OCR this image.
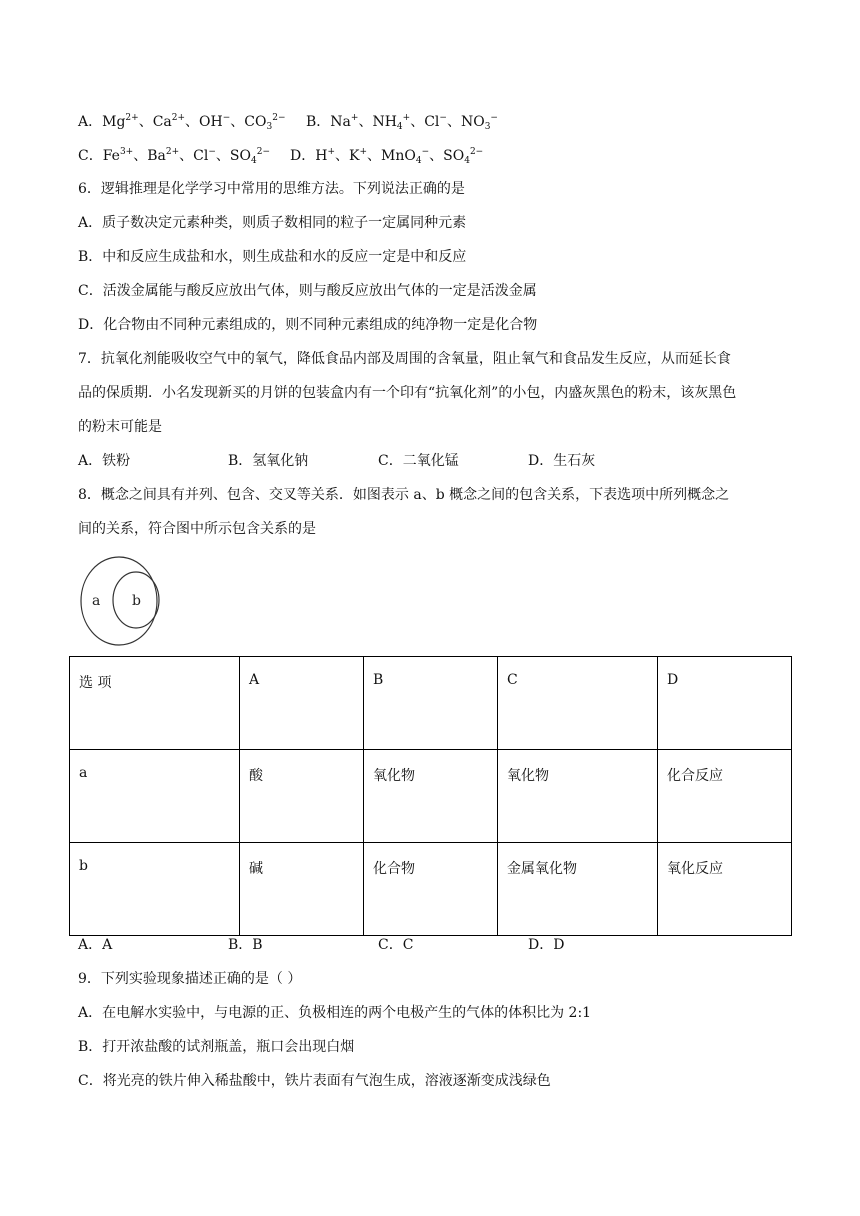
A．$Mg^{2+}$、$Ca^{2+}$、OH−、$CO_3^{2-}$ B．Na+、$NH_4^+$、Cl−、$NO_3^-$
C．$Fe^{3+}$、$Ba^{2+}$、Cl−、$SO_4^{2-}$ D．H+、K+、MnO$_4$−、$SO_4^{2-}$
6．逻辑推理是化学学习中常用的思维方法。下列说法正确的是
A．质子数决定元素种类，则质子数相同的粒子一定属同种元素
B．中和反应生成盐和水，则生成盐和水的反应一定是中和反应
C．活泼金属能与酸反应放出气体，则与酸反应放出气体的一定是活泼金属
D．化合物由不同种元素组成的，则不同种元素组成的纯净物一定是化合物
7．抗氧化剂能吸收空气中的氧气，降低食品内部及周围的含氧量，阻止氧气和食品发生反应，从而延长食
品的保质期．小名发现新买的月饼的包装盒内有一个印有“抗氧化剂”的小包，内盛灰黑色的粉末，该灰黑色
的粉末可能是
A．铁粉	B．氢氧化钠	C．二氧化锰	D．生石灰
8．概念之间具有并列、包含、交叉等关系．如图表示 a、b 概念之间的包含关系，下表选项中所列概念之
间的关系，符合图中所示包含关系的是
a b
选 项	A	B	C	D
a	酸	氧化物	氧化物	化合反应
b	碱	化合物	金属氧化物	氧化反应
A．A	B．B	C．C	D．D
9．下列实验现象描述正确的是（ ）
A．在电解水实验中，与电源的正、负极相连的两个电极产生的气体的体积比为 2:1
B．打开浓盐酸的试剂瓶盖，瓶口会出现白烟
C．将光亮的铁片伸入稀盐酸中，铁片表面有气泡生成，溶液逐渐变成浅绿色
